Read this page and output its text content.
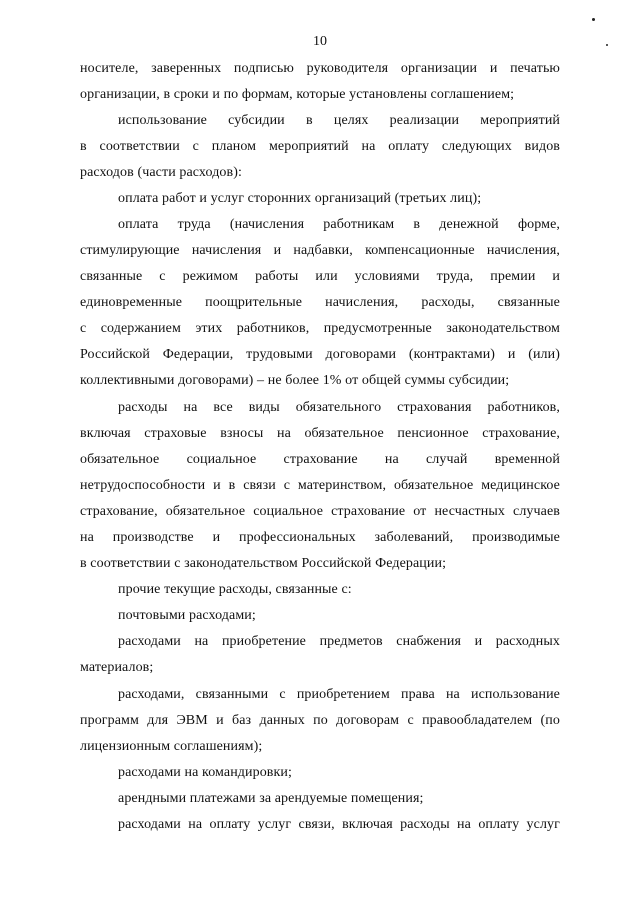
10
носителе, заверенных подписью руководителя организации и печатью
организации, в сроки и по формам, которые установлены соглашением;
использование субсидии в целях реализации мероприятий
в соответствии с планом мероприятий на оплату следующих видов
расходов (части расходов):
оплата работ и услуг сторонних организаций (третьих лиц);
оплата труда (начисления работникам в денежной форме,
стимулирующие начисления и надбавки, компенсационные начисления,
связанные с режимом работы или условиями труда, премии и
единовременные поощрительные начисления, расходы, связанные
с содержанием этих работников, предусмотренные законодательством
Российской Федерации, трудовыми договорами (контрактами) и (или)
коллективными договорами) – не более 1% от общей суммы субсидии;
расходы на все виды обязательного страхования работников,
включая страховые взносы на обязательное пенсионное страхование,
обязательное социальное страхование на случай временной
нетрудоспособности и в связи с материнством, обязательное медицинское
страхование, обязательное социальное страхование от несчастных случаев
на производстве и профессиональных заболеваний, производимые
в соответствии с законодательством Российской Федерации;
прочие текущие расходы, связанные с:
почтовыми расходами;
расходами на приобретение предметов снабжения и расходных
материалов;
расходами, связанными с приобретением права на использование
программ для ЭВМ и баз данных по договорам с правообладателем (по
лицензионным соглашениям);
расходами на командировки;
арендными платежами за арендуемые помещения;
расходами на оплату услуг связи, включая расходы на оплату услуг
